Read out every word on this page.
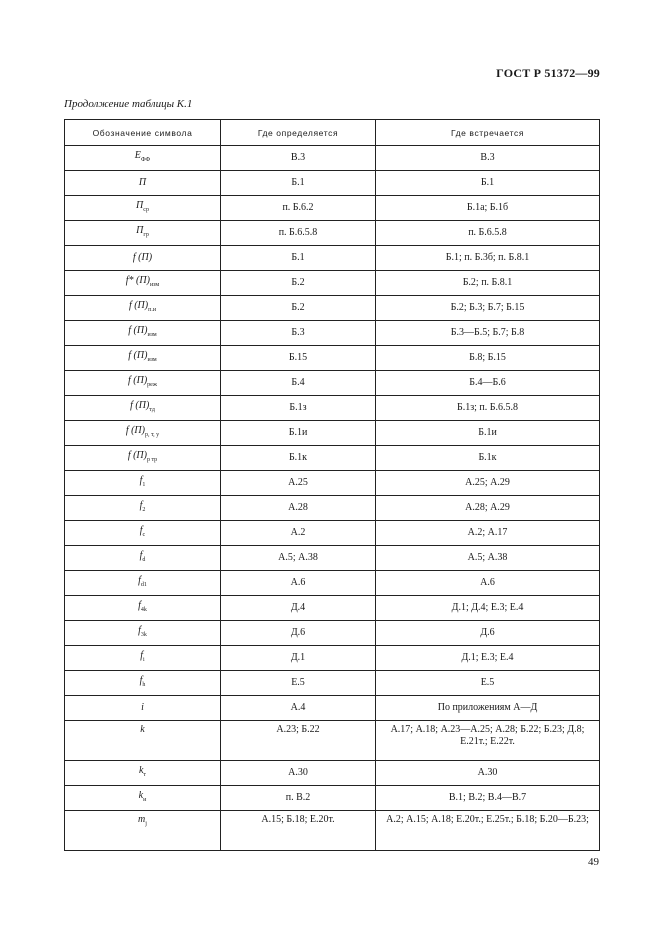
ГОСТ Р 51372—99
Продолжение таблицы К.1
Обозначение символа	Где определяется	Где встречается
$E_{ФФ}$	В.3	В.3
П	Б.1	Б.1
$П_{ср}$	п. Б.6.2	Б.1а; Б.1б
$П_{гр}$	п. Б.6.5.8	п. Б.6.5.8
f (П)	Б.1	Б.1; п. Б.3б; п. Б.8.1
f* $(П)_{изм}$	Б.2	Б.2; п. Б.8.1
f $(П)_{п.и}$	Б.2	Б.2; Б.3; Б.7; Б.15
f $(П)_{изм}$	Б.3	Б.3—Б.5; Б.7; Б.8
f $(П)_{изм}$	Б.15	Б.8; Б.15
f $(П)_{реж}$	Б.4	Б.4—Б.6
f $(П)_{тд}$	Б.1з	Б.1з; п. Б.6.5.8
f $(П)_{р, т, у}$	Б.1и	Б.1и
f $(П)_{р тр}$	Б.1к	Б.1к
$f_1$	А.25	А.25; А.29
$f_2$	А.28	А.28; А.29
$f_c$	А.2	А.2; А.17
$f_d$	А.5; А.38	А.5; А.38
$f_{d1}$	А.6	А.6
$f_{4k}$	Д.4	Д.1; Д.4; Е.3; Е.4
$f_{3k}$	Д.6	Д.6
$f_i$	Д.1	Д.1; Е.3; Е.4
$f_h$	Е.5	Е.5
i	А.4	По приложениям А—Д
k	А.23; Б.22	А.17; А.18; А.23—А.25; А.28; Б.22; Б.23; Д.8; Е.21т.; Е.22т.
$k_т$	А.30	А.30
$k_и$	п. В.2	В.1; В.2; В.4—В.7
$m_j$	А.15; Б.18; Е.20т.	А.2; А.15; А.18; Е.20т.; Е.25т.; Б.18; Б.20—Б.23;
49
